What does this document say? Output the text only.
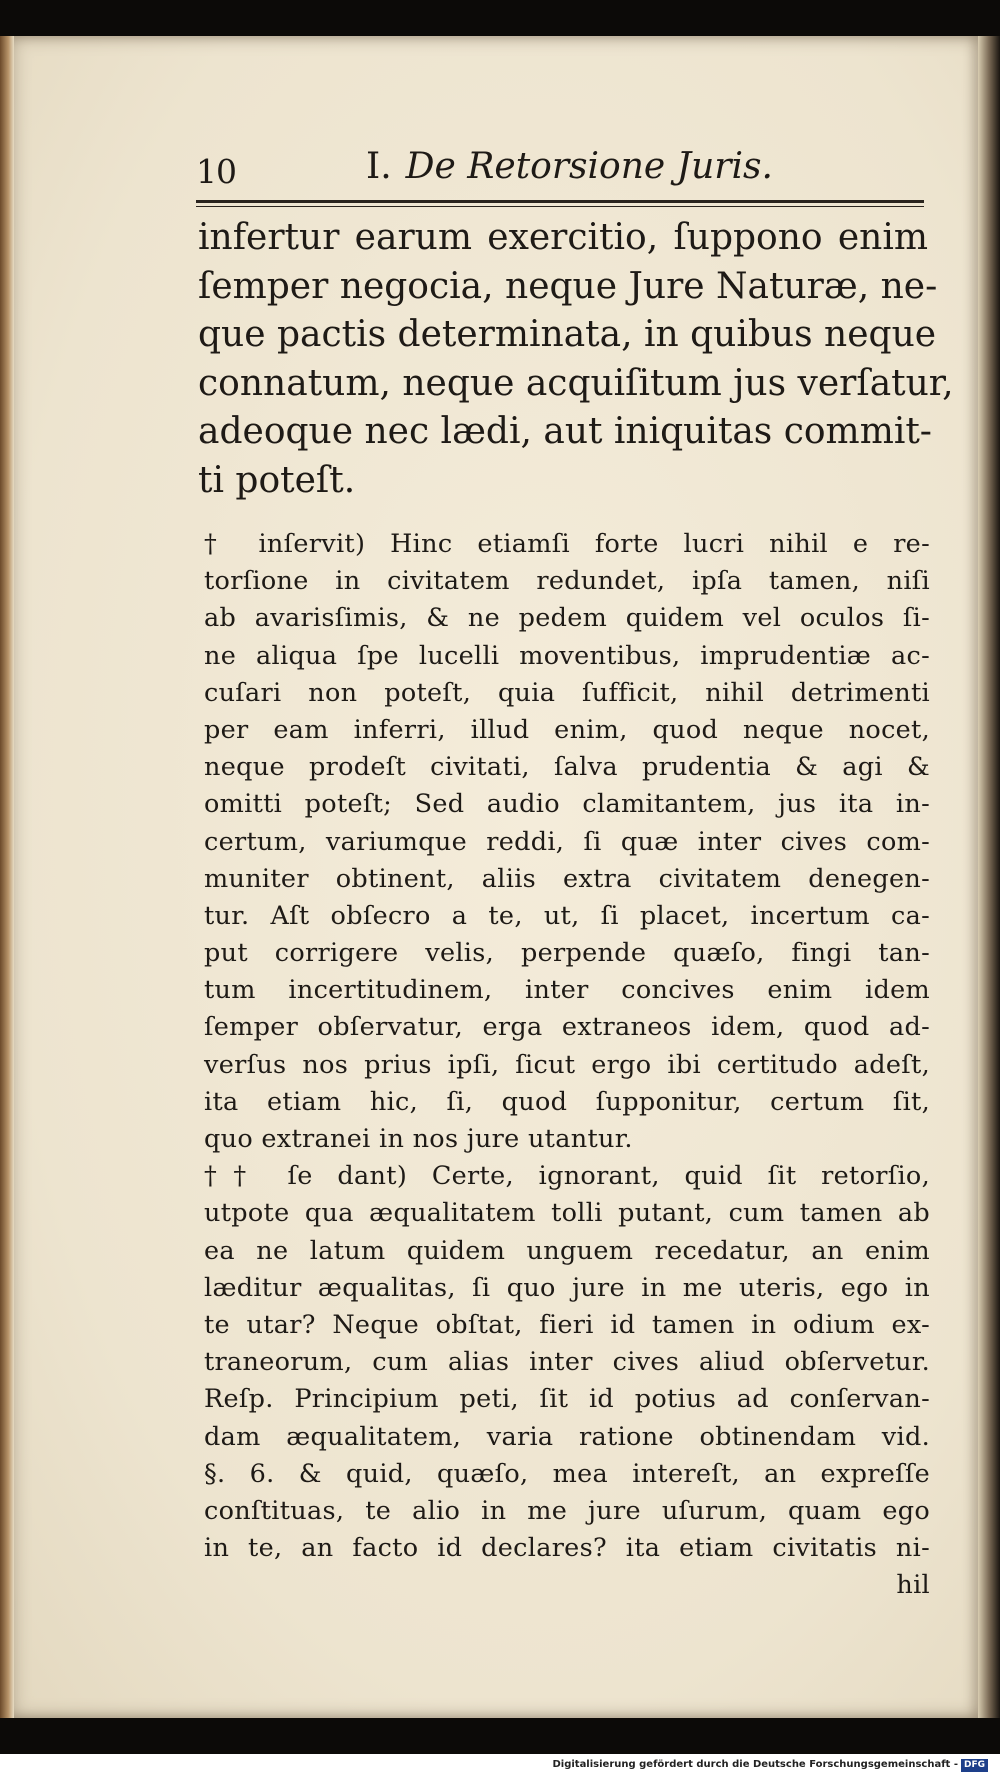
10	I. De Retorsione Juris.
infertur earum exercitio, ſuppono enim
ſemper negocia, neque Jure Naturæ, ne-
que pactis determinata, in quibus neque
connatum, neque acquiſitum jus verſatur,
adeoque nec lædi, aut iniquitas commit-
ti poteſt.
† inſervit) Hinc etiamſi forte lucri nihil e re-
torſione in civitatem redundet, ipſa tamen, niſi
ab avarisſimis, & ne pedem quidem vel oculos ſi-
ne aliqua ſpe lucelli moventibus, imprudentiæ ac-
cuſari non poteſt, quia ſufficit, nihil detrimenti
per eam inferri, illud enim, quod neque nocet,
neque prodeſt civitati, ſalva prudentia & agi &
omitti poteſt; Sed audio clamitantem, jus ita in-
certum, variumque reddi, ſi quæ inter cives com-
muniter obtinent, aliis extra civitatem denegen-
tur. Aſt obſecro a te, ut, ſi placet, incertum ca-
put corrigere velis, perpende quæſo, fingi tan-
tum incertitudinem, inter concives enim idem
ſemper obſervatur, erga extraneos idem, quod ad-
verſus nos prius ipſi, ſicut ergo ibi certitudo adeſt,
ita etiam hic, ſi, quod ſupponitur, certum ſit,
quo extranei in nos jure utantur.
†† ſe dant) Certe, ignorant, quid ſit retorſio,
utpote qua æqualitatem tolli putant, cum tamen ab
ea ne latum quidem unguem recedatur, an enim
læditur æqualitas, ſi quo jure in me uteris, ego in
te utar? Neque obſtat, fieri id tamen in odium ex-
traneorum, cum alias inter cives aliud obſervetur.
Reſp. Principium peti, ſit id potius ad conſervan-
dam æqualitatem, varia ratione obtinendam vid.
§. 6. & quid, quæſo, mea intereſt, an expreſſe
conſtituas, te alio in me jure uſurum, quam ego
in te, an facto id declares? ita etiam civitatis ni-
hil
Digitalisierung gefördert durch die Deutsche Forschungsgemeinschaft - DFG
